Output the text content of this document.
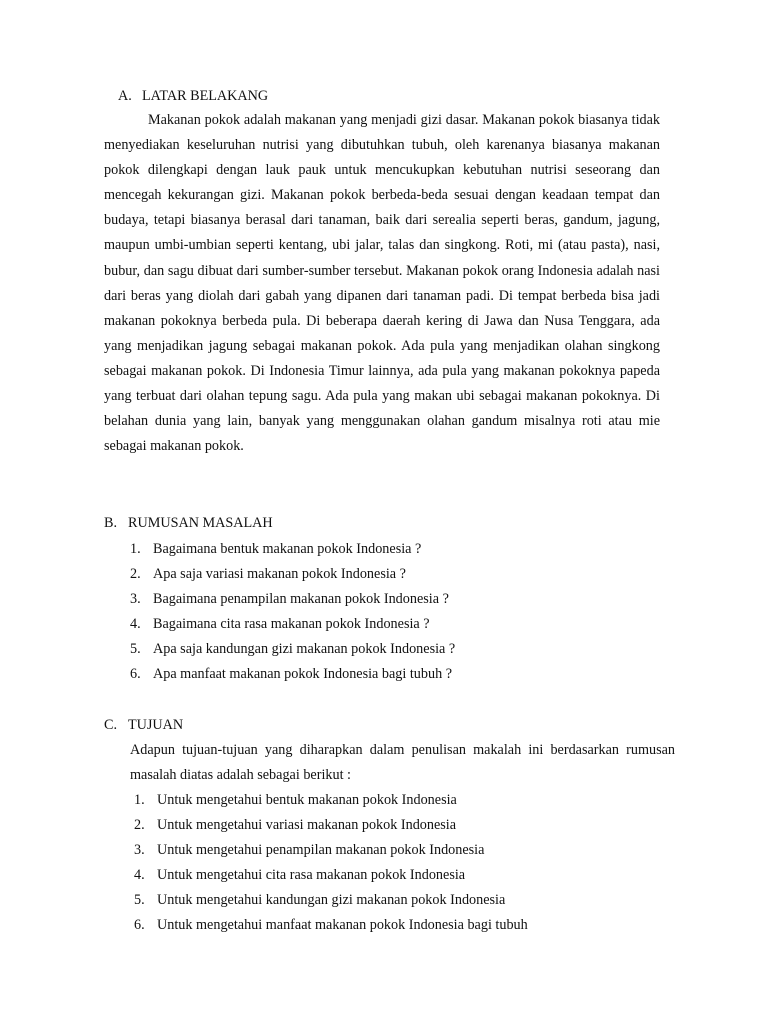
A. LATAR BELAKANG

Makanan pokok adalah makanan yang menjadi gizi dasar. Makanan pokok biasanya tidak menyediakan keseluruhan nutrisi yang dibutuhkan tubuh, oleh karenanya biasanya makanan pokok dilengkapi dengan lauk pauk untuk mencukupkan kebutuhan nutrisi seseorang dan mencegah kekurangan gizi. Makanan pokok berbeda-beda sesuai dengan keadaan tempat dan budaya, tetapi biasanya berasal dari tanaman, baik dari serealia seperti beras, gandum, jagung, maupun umbi-umbian seperti kentang, ubi jalar, talas dan singkong. Roti, mi (atau pasta), nasi, bubur, dan sagu dibuat dari sumber-sumber tersebut. Makanan pokok orang Indonesia adalah nasi dari beras yang diolah dari gabah yang dipanen dari tanaman padi. Di tempat berbeda bisa jadi makanan pokoknya berbeda pula. Di beberapa daerah kering di Jawa dan Nusa Tenggara, ada yang menjadikan jagung sebagai makanan pokok. Ada pula yang menjadikan olahan singkong sebagai makanan pokok. Di Indonesia Timur lainnya, ada pula yang makanan pokoknya papeda yang terbuat dari olahan tepung sagu. Ada pula yang makan ubi sebagai makanan pokoknya. Di belahan dunia yang lain, banyak yang menggunakan olahan gandum misalnya roti atau mie sebagai makanan pokok.

B. RUMUSAN MASALAH
1. Bagaimana bentuk makanan pokok Indonesia ?
2. Apa saja variasi makanan pokok Indonesia ?
3. Bagaimana penampilan makanan pokok Indonesia ?
4. Bagaimana cita rasa makanan pokok Indonesia ?
5. Apa saja kandungan gizi makanan pokok Indonesia ?
6. Apa manfaat makanan pokok Indonesia bagi tubuh ?
C. TUJUAN

Adapun tujuan-tujuan yang diharapkan dalam penulisan makalah ini berdasarkan rumusan masalah diatas adalah sebagai berikut :

1. Untuk mengetahui bentuk makanan pokok Indonesia
2. Untuk mengetahui variasi makanan pokok Indonesia
3. Untuk mengetahui penampilan makanan pokok Indonesia
4. Untuk mengetahui cita rasa makanan pokok Indonesia
5. Untuk mengetahui kandungan gizi makanan pokok Indonesia
6. Untuk mengetahui manfaat makanan pokok Indonesia bagi tubuh
